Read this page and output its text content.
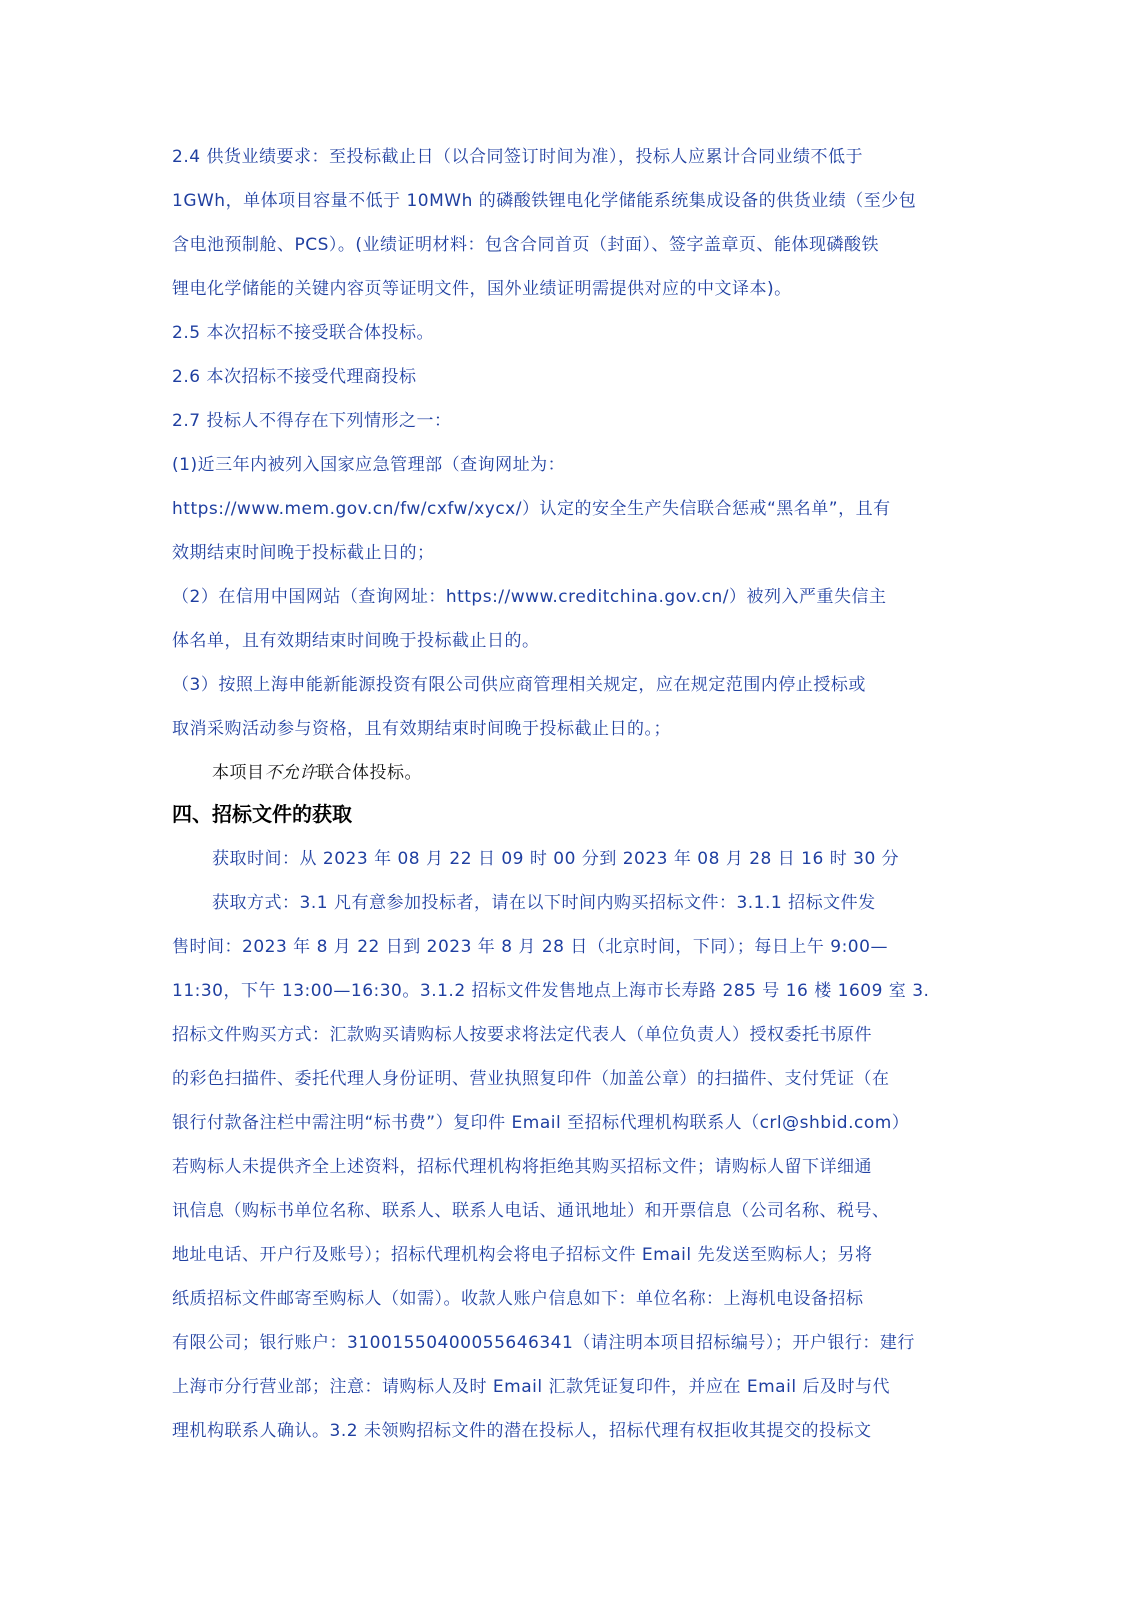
2.4 供货业绩要求：至投标截止日（以合同签订时间为准），投标人应累计合同业绩不低于
1GWh，单体项目容量不低于 10MWh 的磷酸铁锂电化学储能系统集成设备的供货业绩（至少包
含电池预制舱、PCS）。(业绩证明材料：包含合同首页（封面）、签字盖章页、能体现磷酸铁
锂电化学储能的关键内容页等证明文件，国外业绩证明需提供对应的中文译本)。
2.5 本次招标不接受联合体投标。
2.6 本次招标不接受代理商投标
2.7 投标人不得存在下列情形之一：
(1)近三年内被列入国家应急管理部（查询网址为：
https://www.mem.gov.cn/fw/cxfw/xycx/）认定的安全生产失信联合惩戒“黑名单”，且有
效期结束时间晚于投标截止日的；
（2）在信用中国网站（查询网址：https://www.creditchina.gov.cn/）被列入严重失信主
体名单，且有效期结束时间晚于投标截止日的。
（3）按照上海申能新能源投资有限公司供应商管理相关规定，应在规定范围内停止授标或
取消采购活动参与资格，且有效期结束时间晚于投标截止日的。；
本项目不允许联合体投标。
四、招标文件的获取
获取时间：从 2023 年 08 月 22 日 09 时 00 分到 2023 年 08 月 28 日 16 时 30 分
获取方式：3.1 凡有意参加投标者，请在以下时间内购买招标文件：3.1.1 招标文件发
售时间：2023 年 8 月 22 日到 2023 年 8 月 28 日（北京时间，下同）；每日上午 9:00—
11:30，下午 13:00—16:30。3.1.2 招标文件发售地点上海市长寿路 285 号 16 楼 1609 室 3.
招标文件购买方式：汇款购买请购标人按要求将法定代表人（单位负责人）授权委托书原件
的彩色扫描件、委托代理人身份证明、营业执照复印件（加盖公章）的扫描件、支付凭证（在
银行付款备注栏中需注明“标书费”）复印件 Email 至招标代理机构联系人（crl@shbid.com）
若购标人未提供齐全上述资料，招标代理机构将拒绝其购买招标文件；请购标人留下详细通
讯信息（购标书单位名称、联系人、联系人电话、通讯地址）和开票信息（公司名称、税号、
地址电话、开户行及账号）；招标代理机构会将电子招标文件 Email 先发送至购标人；另将
纸质招标文件邮寄至购标人（如需）。收款人账户信息如下：单位名称：上海机电设备招标
有限公司；银行账户：31001550400055646341（请注明本项目招标编号）；开户银行：建行
上海市分行营业部；注意：请购标人及时 Email 汇款凭证复印件，并应在 Email 后及时与代
理机构联系人确认。3.2 未领购招标文件的潜在投标人，招标代理有权拒收其提交的投标文
